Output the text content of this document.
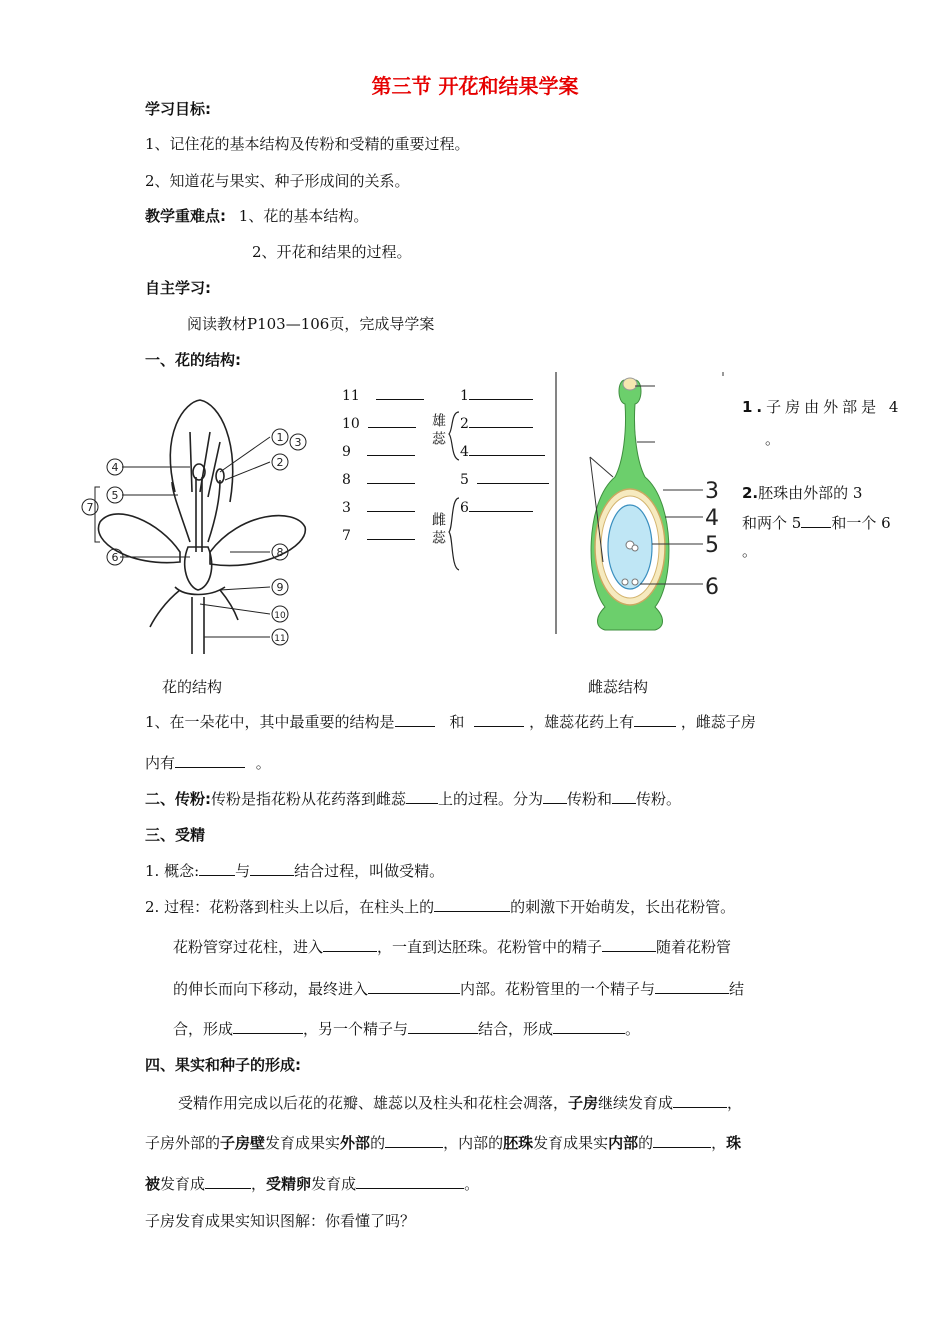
第三节 开花和结果学案
学习目标:
1、记住花的基本结构及传粉和受精的重要过程。
2、知道花与果实、种子形成间的关系。
教学重难点: 1、花的基本结构。
2、开花和结果的过程。
自主学习:
阅读教材P103—106页，完成导学案
一、花的结构:
4
5
7
6
1 3
2
8
9
10
11
11
10
9
8
3
7
雄蕊
雌蕊
1
2
4
5
6
3
4
5
6
1.子房由外部是 4
。
2.胚珠由外部的 3
和两个 5 和一个 6
。
花的结构	雌蕊结构
1、在一朵花中，其中最重要的结构是	和	，雄蕊花药上有	，雌蕊子房
内有	。
二、传粉:传粉是指花粉从花药落到雌蕊 上的过程。分为 传粉和 传粉。
三、受精
1. 概念: 与	结合过程，叫做受精。
2. 过程：花粉落到柱头上以后，在柱头上的	的刺激下开始萌发，长出花粉管。
花粉管穿过花柱，进入	，一直到达胚珠。花粉管中的精子	随着花粉管
的伸长而向下移动，最终进入	内部。花粉管里的一个精子与	结
合，形成	，另一个精子与	结合，形成	。
四、果实和种子的形成:
受精作用完成以后花的花瓣、雄蕊以及柱头和花柱会凋落，子房继续发育成	，
子房外部的子房壁发育成果实外部的	，内部的胚珠发育成果实内部的	，珠
被发育成	，受精卵发育成	。
子房发育成果实知识图解：你看懂了吗？
